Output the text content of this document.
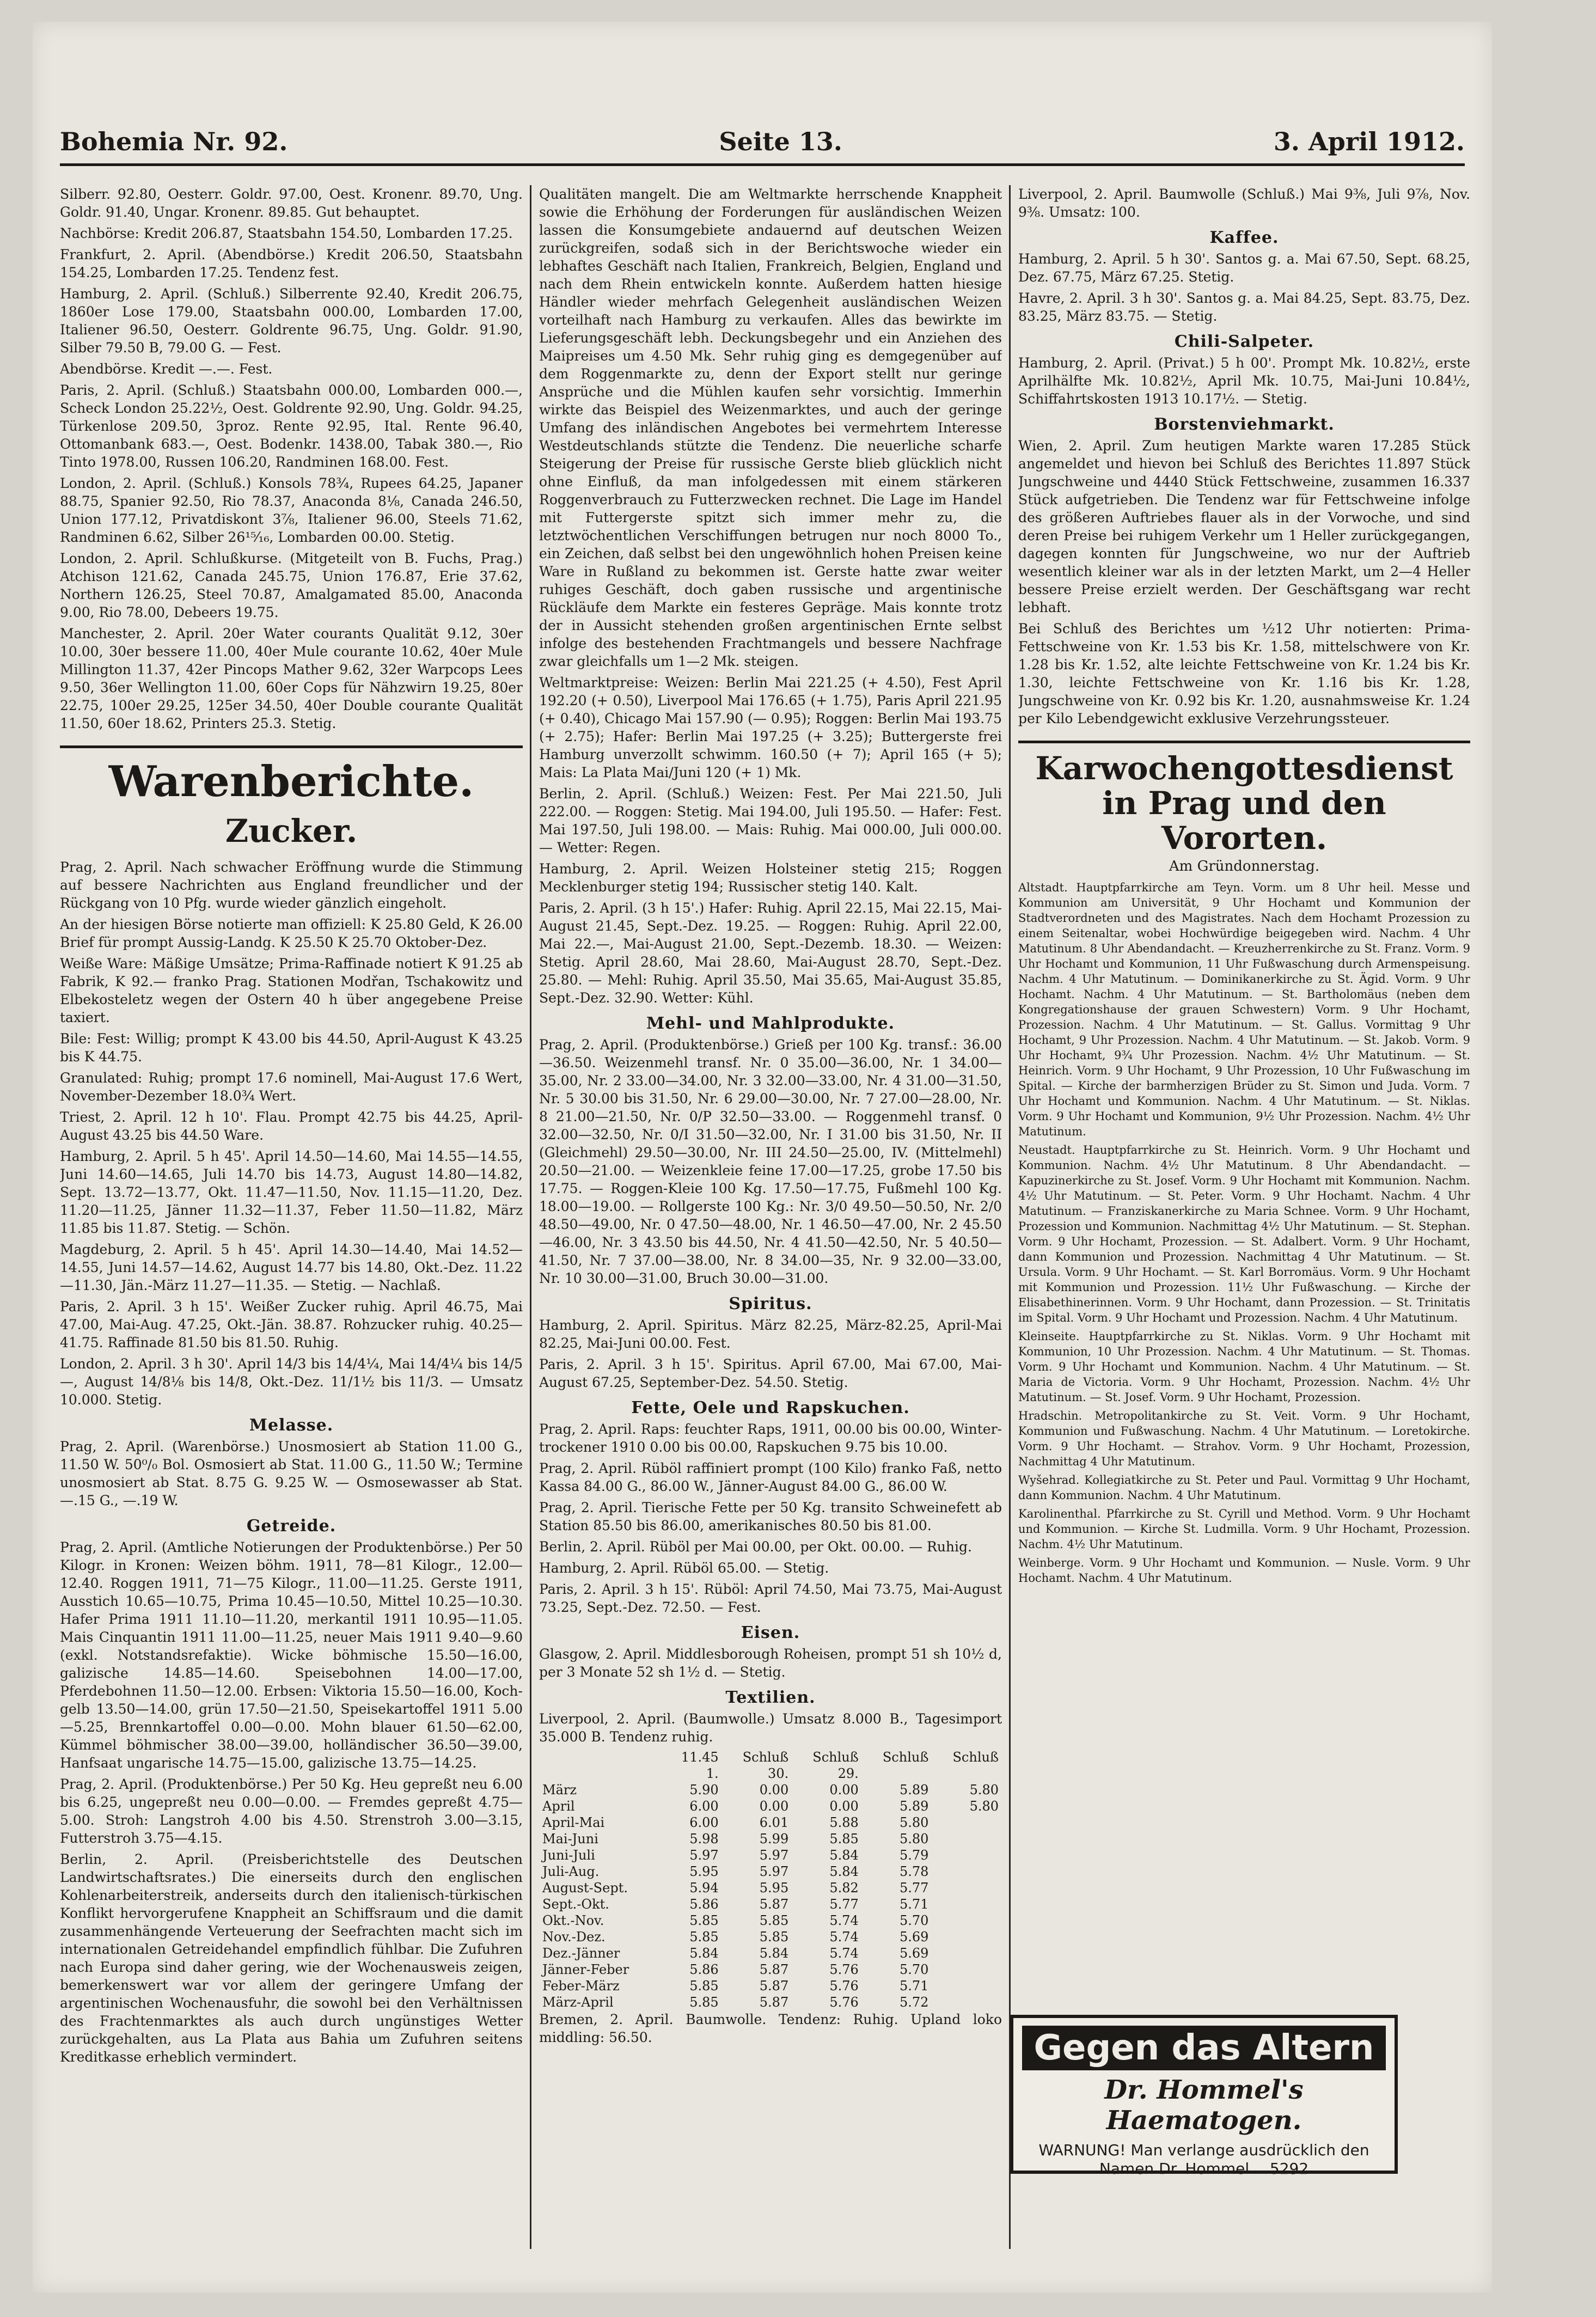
Bohemia Nr. 92.	Seite 13.	3. April 1912.

Silberr. 92.80, Oesterr. Goldr. 97.00, Oest. Kronenr. 89.70, Ung. Goldr. 91.40, Ungar. Kronenr. 89.85. Gut behauptet.

Nachbörse: Kredit 206.87, Staatsbahn 154.50, Lombarden 17.25.

Frankfurt, 2. April. (Abendbörse.) Kredit 206.50, Staatsbahn 154.25, Lombarden 17.25. Tendenz fest.

Hamburg, 2. April. (Schluß.) Silberrente 92.40, Kredit 206.75, 1860er Lose 179.00, Staatsbahn 000.00, Lombarden 17.00, Italiener 96.50, Oesterr. Goldrente 96.75, Ung. Goldr. 91.90, Silber 79.50 B, 79.00 G. — Fest.

Abendbörse. Kredit —.—. Fest.

Paris, 2. April. (Schluß.) Staatsbahn 000.00, Lombarden 000.—, Scheck London 25.22½, Oest. Goldrente 92.90, Ung. Goldr. 94.25, Türkenlose 209.50, 3proz. Rente 92.95, Ital. Rente 96.40, Ottomanbank 683.—, Oest. Bodenkr. 1438.00, Tabak 380.—, Rio Tinto 1978.00, Russen 106.20, Randminen 168.00. Fest.

London, 2. April. (Schluß.) Konsols 78¾, Rupees 64.25, Japaner 88.75, Spanier 92.50, Rio 78.37, Anaconda 8⅛, Canada 246.50, Union 177.12, Privatdiskont 3⅞, Italiener 96.00, Steels 71.62, Randminen 6.62, Silber 26¹⁵⁄₁₆, Lombarden 00.00. Stetig.

London, 2. April. Schlußkurse. (Mitgeteilt von B. Fuchs, Prag.) Atchison 121.62, Canada 245.75, Union 176.87, Erie 37.62, Northern 126.25, Steel 70.87, Amalgamated 85.00, Anaconda 9.00, Rio 78.00, Debeers 19.75.

Manchester, 2. April. 20er Water courants Qualität 9.12, 30er 10.00, 30er bessere 11.00, 40er Mule courante 10.62, 40er Mule Millington 11.37, 42er Pincops Mather 9.62, 32er Warpcops Lees 9.50, 36er Wellington 11.00, 60er Cops für Nähzwirn 19.25, 80er 22.75, 100er 29.25, 125er 34.50, 40er Double courante Qualität 11.50, 60er 18.62, Printers 25.3. Stetig.

Warenberichte.
Zucker.

Prag, 2. April. Nach schwacher Eröffnung wurde die Stimmung auf bessere Nachrichten aus England freundlicher und der Rückgang von 10 Pfg. wurde wieder gänzlich eingeholt.

An der hiesigen Börse notierte man offiziell: K 25.80 Geld, K 26.00 Brief für prompt Aussig-Landg. K 25.50 K 25.70 Oktober-Dez.

Weiße Ware: Mäßige Umsätze; Prima-Raffinade notiert K 91.25 ab Fabrik, K 92.— franko Prag. Stationen Modřan, Tschakowitz und Elbekosteletz wegen der Ostern 40 h über angegebene Preise taxiert.

Bile: Fest: Willig; prompt K 43.00 bis 44.50, April-August K 43.25 bis K 44.75.

Granulated: Ruhig; prompt 17.6 nominell, Mai-August 17.6 Wert, November-Dezember 18.0¾ Wert.

Triest, 2. April. 12 h 10'. Flau. Prompt 42.75 bis 44.25, April-August 43.25 bis 44.50 Ware.

Hamburg, 2. April. 5 h 45'. April 14.50—14.60, Mai 14.55—14.55, Juni 14.60—14.65, Juli 14.70 bis 14.73, August 14.80—14.82, Sept. 13.72—13.77, Okt. 11.47—11.50, Nov. 11.15—11.20, Dez. 11.20—11.25, Jänner 11.32—11.37, Feber 11.50—11.82, März 11.85 bis 11.87. Stetig. — Schön.

Magdeburg, 2. April. 5 h 45'. April 14.30—14.40, Mai 14.52—14.55, Juni 14.57—14.62, August 14.77 bis 14.80, Okt.-Dez. 11.22—11.30, Jän.-März 11.27—11.35. — Stetig. — Nachlaß.

Paris, 2. April. 3 h 15'. Weißer Zucker ruhig. April 46.75, Mai 47.00, Mai-Aug. 47.25, Okt.-Jän. 38.87. Rohzucker ruhig. 40.25—41.75. Raffinade 81.50 bis 81.50. Ruhig.

London, 2. April. 3 h 30'. April 14/3 bis 14/4¼, Mai 14/4¼ bis 14/5—, August 14/8⅛ bis 14/8, Okt.-Dez. 11/1½ bis 11/3. — Umsatz 10.000. Stetig.

Melasse.

Prag, 2. April. (Warenbörse.) Unosmosiert ab Station 11.00 G., 11.50 W. 50⁰/₀ Bol. Osmosiert ab Stat. 11.00 G., 11.50 W.; Termine unosmosiert ab Stat. 8.75 G. 9.25 W. — Osmosewasser ab Stat. —.15 G., —.19 W.

Getreide.

Prag, 2. April. (Amtliche Notierungen der Produktenbörse.) Per 50 Kilogr. in Kronen: Weizen böhm. 1911, 78—81 Kilogr., 12.00—12.40. Roggen 1911, 71—75 Kilogr., 11.00—11.25. Gerste 1911, Ausstich 10.65—10.75, Prima 10.45—10.50, Mittel 10.25—10.30. Hafer Prima 1911 11.10—11.20, merkantil 1911 10.95—11.05. Mais Cinquantin 1911 11.00—11.25, neuer Mais 1911 9.40—9.60 (exkl. Notstandsrefaktie). Wicke böhmische 15.50—16.00, galizische 14.85—14.60. Speisebohnen 14.00—17.00, Pferdebohnen 11.50—12.00. Erbsen: Viktoria 15.50—16.00, Koch- gelb 13.50—14.00, grün 17.50—21.50, Speisekartoffel 1911 5.00—5.25, Brennkartoffel 0.00—0.00. Mohn blauer 61.50—62.00, Kümmel böhmischer 38.00—39.00, holländischer 36.50—39.00, Hanfsaat ungarische 14.75—15.00, galizische 13.75—14.25.

Prag, 2. April. (Produktenbörse.) Per 50 Kg. Heu gepreßt neu 6.00 bis 6.25, ungepreßt neu 0.00—0.00. — Fremdes gepreßt 4.75—5.00. Stroh: Langstroh 4.00 bis 4.50. Strenstroh 3.00—3.15, Futterstroh 3.75—4.15.

Berlin, 2. April. (Preisberichtstelle des Deutschen Landwirtschaftsrates.) Die einerseits durch den englischen Kohlenarbeiterstreik, anderseits durch den italienisch-türkischen Konflikt hervorgerufene Knappheit an Schiffsraum und die damit zusammenhängende Verteuerung der Seefrachten macht sich im internationalen Getreidehandel empfindlich fühlbar. Die Zufuhren nach Europa sind daher gering, wie der Wochenausweis zeigen, bemerkenswert war vor allem der geringere Umfang der argentinischen Wochenausfuhr, die sowohl bei den Verhältnissen des Frachtenmarktes als auch durch ungünstiges Wetter zurückgehalten, aus La Plata aus Bahia um Zufuhren seitens Kreditkasse erheblich vermindert.

Qualitäten mangelt. Die am Weltmarkte herrschende Knappheit sowie die Erhöhung der Forderungen für ausländischen Weizen lassen die Konsumgebiete andauernd auf deutschen Weizen zurückgreifen, sodaß sich in der Berichtswoche wieder ein lebhaftes Geschäft nach Italien, Frankreich, Belgien, England und nach dem Rhein entwickeln konnte. Außerdem hatten hiesige Händler wieder mehrfach Gelegenheit ausländischen Weizen vorteilhaft nach Hamburg zu verkaufen. Alles das bewirkte im Lieferungsgeschäft lebh. Deckungsbegehr und ein Anziehen des Maipreises um 4.50 Mk. Sehr ruhig ging es demgegenüber auf dem Roggenmarkte zu, denn der Export stellt nur geringe Ansprüche und die Mühlen kaufen sehr vorsichtig. Immerhin wirkte das Beispiel des Weizenmarktes, und auch der geringe Umfang des inländischen Angebotes bei vermehrtem Interesse Westdeutschlands stützte die Tendenz. Die neuerliche scharfe Steigerung der Preise für russische Gerste blieb glücklich nicht ohne Einfluß, da man infolgedessen mit einem stärkeren Roggenverbrauch zu Futterzwecken rechnet. Die Lage im Handel mit Futtergerste spitzt sich immer mehr zu, die letztwöchentlichen Verschiffungen betrugen nur noch 8000 To., ein Zeichen, daß selbst bei den ungewöhnlich hohen Preisen keine Ware in Rußland zu bekommen ist. Gerste hatte zwar weiter ruhiges Geschäft, doch gaben russische und argentinische Rückläufe dem Markte ein festeres Gepräge. Mais konnte trotz der in Aussicht stehenden großen argentinischen Ernte selbst infolge des bestehenden Frachtmangels und bessere Nachfrage zwar gleichfalls um 1—2 Mk. steigen.

Weltmarktpreise: Weizen: Berlin Mai 221.25 (+ 4.50), Fest April 192.20 (+ 0.50), Liverpool Mai 176.65 (+ 1.75), Paris April 221.95 (+ 0.40), Chicago Mai 157.90 (— 0.95); Roggen: Berlin Mai 193.75 (+ 2.75); Hafer: Berlin Mai 197.25 (+ 3.25); Buttergerste frei Hamburg unverzollt schwimm. 160.50 (+ 7); April 165 (+ 5); Mais: La Plata Mai/Juni 120 (+ 1) Mk.

Berlin, 2. April. (Schluß.) Weizen: Fest. Per Mai 221.50, Juli 222.00. — Roggen: Stetig. Mai 194.00, Juli 195.50. — Hafer: Fest. Mai 197.50, Juli 198.00. — Mais: Ruhig. Mai 000.00, Juli 000.00. — Wetter: Regen.

Hamburg, 2. April. Weizen Holsteiner stetig 215; Roggen Mecklenburger stetig 194; Russischer stetig 140. Kalt.

Paris, 2. April. (3 h 15'.) Hafer: Ruhig. April 22.15, Mai 22.15, Mai-August 21.45, Sept.-Dez. 19.25. — Roggen: Ruhig. April 22.00, Mai 22.—, Mai-August 21.00, Sept.-Dezemb. 18.30. — Weizen: Stetig. April 28.60, Mai 28.60, Mai-August 28.70, Sept.-Dez. 25.80. — Mehl: Ruhig. April 35.50, Mai 35.65, Mai-August 35.85, Sept.-Dez. 32.90. Wetter: Kühl.

Mehl- und Mahlprodukte.

Prag, 2. April. (Produktenbörse.) Grieß per 100 Kg. transf.: 36.00—36.50. Weizenmehl transf. Nr. 0 35.00—36.00, Nr. 1 34.00—35.00, Nr. 2 33.00—34.00, Nr. 3 32.00—33.00, Nr. 4 31.00—31.50, Nr. 5 30.00 bis 31.50, Nr. 6 29.00—30.00, Nr. 7 27.00—28.00, Nr. 8 21.00—21.50, Nr. 0/P 32.50—33.00. — Roggenmehl transf. 0 32.00—32.50, Nr. 0/I 31.50—32.00, Nr. I 31.00 bis 31.50, Nr. II (Gleichmehl) 29.50—30.00, Nr. III 24.50—25.00, IV. (Mittelmehl) 20.50—21.00. — Weizenkleie feine 17.00—17.25, grobe 17.50 bis 17.75. — Roggen-Kleie 100 Kg. 17.50—17.75, Fußmehl 100 Kg. 18.00—19.00. — Rollgerste 100 Kg.: Nr. 3/0 49.50—50.50, Nr. 2/0 48.50—49.00, Nr. 0 47.50—48.00, Nr. 1 46.50—47.00, Nr. 2 45.50—46.00, Nr. 3 43.50 bis 44.50, Nr. 4 41.50—42.50, Nr. 5 40.50—41.50, Nr. 7 37.00—38.00, Nr. 8 34.00—35, Nr. 9 32.00—33.00, Nr. 10 30.00—31.00, Bruch 30.00—31.00.

Spiritus.

Hamburg, 2. April. Spiritus. März 82.25, März-82.25, April-Mai 82.25, Mai-Juni 00.00. Fest.

Paris, 2. April. 3 h 15'. Spiritus. April 67.00, Mai 67.00, Mai-August 67.25, September-Dez. 54.50. Stetig.

Fette, Oele und Rapskuchen.

Prag, 2. April. Raps: feuchter Raps, 1911, 00.00 bis 00.00, Winter- trockener 1910 0.00 bis 00.00, Rapskuchen 9.75 bis 10.00.

Prag, 2. April. Rüböl raffiniert prompt (100 Kilo) franko Faß, netto Kassa 84.00 G., 86.00 W., Jänner-August 84.00 G., 86.00 W.

Prag, 2. April. Tierische Fette per 50 Kg. transito Schweinefett ab Station 85.50 bis 86.00, amerikanisches 80.50 bis 81.00.

Berlin, 2. April. Rüböl per Mai 00.00, per Okt. 00.00. — Ruhig.

Hamburg, 2. April. Rüböl 65.00. — Stetig.

Paris, 2. April. 3 h 15'. Rüböl: April 74.50, Mai 73.75, Mai-August 73.25, Sept.-Dez. 72.50. — Fest.

Eisen.

Glasgow, 2. April. Middlesborough Roheisen, prompt 51 sh 10½ d, per 3 Monate 52 sh 1½ d. — Stetig.

Textilien.

Liverpool, 2. April. (Baumwolle.) Umsatz 8.000 B., Tagesimport 35.000 B. Tendenz ruhig.

	11.45	Schluß	Schluß	Schluß	Schluß
	1.	30.	29.		
März	5.90	0.00	0.00	5.89	5.80
April	6.00	0.00	0.00	5.89	5.80
April-Mai	6.00	6.01	5.88	5.80	
Mai-Juni	5.98	5.99	5.85	5.80	
Juni-Juli	5.97	5.97	5.84	5.79	
Juli-Aug.	5.95	5.97	5.84	5.78	
August-Sept.	5.94	5.95	5.82	5.77	
Sept.-Okt.	5.86	5.87	5.77	5.71	
Okt.-Nov.	5.85	5.85	5.74	5.70	
Nov.-Dez.	5.85	5.85	5.74	5.69	
Dez.-Jänner	5.84	5.84	5.74	5.69	
Jänner-Feber	5.86	5.87	5.76	5.70	
Feber-März	5.85	5.87	5.76	5.71	
März-April	5.85	5.87	5.76	5.72	

Bremen, 2. April. Baumwolle. Tendenz: Ruhig. Upland loko middling: 56.50.

Liverpool, 2. April. Baumwolle (Schluß.) Mai 9⅜, Juli 9⅞, Nov. 9⅜. Umsatz: 100.

Kaffee.

Hamburg, 2. April. 5 h 30'. Santos g. a. Mai 67.50, Sept. 68.25, Dez. 67.75, März 67.25. Stetig.

Havre, 2. April. 3 h 30'. Santos g. a. Mai 84.25, Sept. 83.75, Dez. 83.25, März 83.75. — Stetig.

Chili-Salpeter.

Hamburg, 2. April. (Privat.) 5 h 00'. Prompt Mk. 10.82½, erste Aprilhälfte Mk. 10.82½, April Mk. 10.75, Mai-Juni 10.84½, Schiffahrtskosten 1913 10.17½. — Stetig.

Borstenviehmarkt.

Wien, 2. April. Zum heutigen Markte waren 17.285 Stück angemeldet und hievon bei Schluß des Berichtes 11.897 Stück Jungschweine und 4440 Stück Fettschweine, zusammen 16.337 Stück aufgetrieben. Die Tendenz war für Fettschweine infolge des größeren Auftriebes flauer als in der Vorwoche, und sind deren Preise bei ruhigem Verkehr um 1 Heller zurückgegangen, dagegen konnten für Jungschweine, wo nur der Auftrieb wesentlich kleiner war als in der letzten Markt, um 2—4 Heller bessere Preise erzielt werden. Der Geschäftsgang war recht lebhaft.

Bei Schluß des Berichtes um ½12 Uhr notierten: Prima-Fettschweine von Kr. 1.53 bis Kr. 1.58, mittelschwere von Kr. 1.28 bis Kr. 1.52, alte leichte Fettschweine von Kr. 1.24 bis Kr. 1.30, leichte Fettschweine von Kr. 1.16 bis Kr. 1.28, Jungschweine von Kr. 0.92 bis Kr. 1.20, ausnahmsweise Kr. 1.24 per Kilo Lebendgewicht exklusive Verzehrungssteuer.

Karwochengottesdienst in Prag und den Vororten.
Am Gründonnerstag.

Altstadt. Hauptpfarrkirche am Teyn. Vorm. um 8 Uhr heil. Messe und Kommunion am Universität, 9 Uhr Hochamt und Kommunion der Stadtverordneten und des Magistrates. Nach dem Hochamt Prozession zu einem Seitenaltar, wobei Hochwürdige beigegeben wird. Nachm. 4 Uhr Matutinum. 8 Uhr Abendandacht. — Kreuzherrenkirche zu St. Franz. Vorm. 9 Uhr Hochamt und Kommunion, 11 Uhr Fußwaschung durch Armenspeisung. Nachm. 4 Uhr Matutinum. — Dominikanerkirche zu St. Ägid. Vorm. 9 Uhr Hochamt. Nachm. 4 Uhr Matutinum. — St. Bartholomäus (neben dem Kongregationshause der grauen Schwestern) Vorm. 9 Uhr Hochamt, Prozession. Nachm. 4 Uhr Matutinum. — St. Gallus. Vormittag 9 Uhr Hochamt, 9 Uhr Prozession. Nachm. 4 Uhr Matutinum. — St. Jakob. Vorm. 9 Uhr Hochamt, 9¾ Uhr Prozession. Nachm. 4½ Uhr Matutinum. — St. Heinrich. Vorm. 9 Uhr Hochamt, 9 Uhr Prozession, 10 Uhr Fußwaschung im Spital. — Kirche der barmherzigen Brüder zu St. Simon und Juda. Vorm. 7 Uhr Hochamt und Kommunion. Nachm. 4 Uhr Matutinum. — St. Niklas. Vorm. 9 Uhr Hochamt und Kommunion, 9½ Uhr Prozession. Nachm. 4½ Uhr Matutinum.

Neustadt. Hauptpfarrkirche zu St. Heinrich. Vorm. 9 Uhr Hochamt und Kommunion. Nachm. 4½ Uhr Matutinum. 8 Uhr Abendandacht. — Kapuzinerkirche zu St. Josef. Vorm. 9 Uhr Hochamt mit Kommunion. Nachm. 4½ Uhr Matutinum. — St. Peter. Vorm. 9 Uhr Hochamt. Nachm. 4 Uhr Matutinum. — Franziskanerkirche zu Maria Schnee. Vorm. 9 Uhr Hochamt, Prozession und Kommunion. Nachmittag 4½ Uhr Matutinum. — St. Stephan. Vorm. 9 Uhr Hochamt, Prozession. — St. Adalbert. Vorm. 9 Uhr Hochamt, dann Kommunion und Prozession. Nachmittag 4 Uhr Matutinum. — St. Ursula. Vorm. 9 Uhr Hochamt. — St. Karl Borromäus. Vorm. 9 Uhr Hochamt mit Kommunion und Prozession. 11½ Uhr Fußwaschung. — Kirche der Elisabethinerinnen. Vorm. 9 Uhr Hochamt, dann Prozession. — St. Trinitatis im Spital. Vorm. 9 Uhr Hochamt und Prozession. Nachm. 4 Uhr Matutinum.

Kleinseite. Hauptpfarrkirche zu St. Niklas. Vorm. 9 Uhr Hochamt mit Kommunion, 10 Uhr Prozession. Nachm. 4 Uhr Matutinum. — St. Thomas. Vorm. 9 Uhr Hochamt und Kommunion. Nachm. 4 Uhr Matutinum. — St. Maria de Victoria. Vorm. 9 Uhr Hochamt, Prozession. Nachm. 4½ Uhr Matutinum. — St. Josef. Vorm. 9 Uhr Hochamt, Prozession.

Hradschin. Metropolitankirche zu St. Veit. Vorm. 9 Uhr Hochamt, Kommunion und Fußwaschung. Nachm. 4 Uhr Matutinum. — Loretokirche. Vorm. 9 Uhr Hochamt. — Strahov. Vorm. 9 Uhr Hochamt, Prozession, Nachmittag 4 Uhr Matutinum.

Wyšehrad. Kollegiatkirche zu St. Peter und Paul. Vormittag 9 Uhr Hochamt, dann Kommunion. Nachm. 4 Uhr Matutinum.

Karolinenthal. Pfarrkirche zu St. Cyrill und Method. Vorm. 9 Uhr Hochamt und Kommunion. — Kirche St. Ludmilla. Vorm. 9 Uhr Hochamt, Prozession. Nachm. 4½ Uhr Matutinum.

Weinberge. Vorm. 9 Uhr Hochamt und Kommunion. — Nusle. Vorm. 9 Uhr Hochamt. Nachm. 4 Uhr Matutinum.

Gegen das Altern
Dr. Hommel's Haematogen.
WARNUNG! Man verlange ausdrücklich den Namen Dr. Hommel. 5292
